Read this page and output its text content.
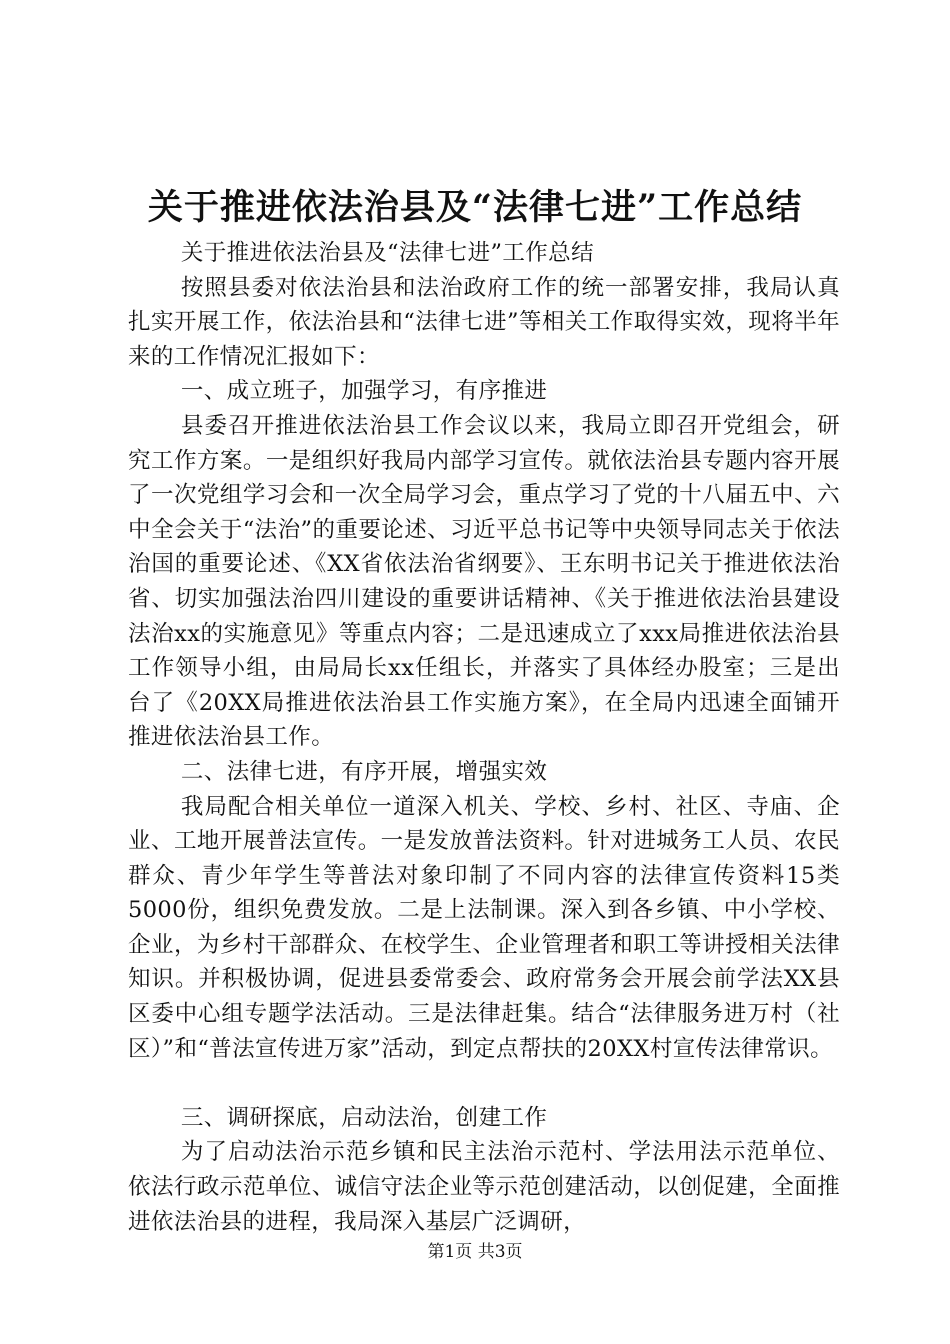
关于推进依法治县及“法律七进”工作总结

关于推进依法治县及“法律七进”工作总结

按照县委对依法治县和法治政府工作的统一部署安排，我局认真扎实开展工作，依法治县和“法律七进”等相关工作取得实效，现将半年来的工作情况汇报如下：

一、成立班子，加强学习，有序推进

县委召开推进依法治县工作会议以来，我局立即召开党组会，研究工作方案。一是组织好我局内部学习宣传。就依法治县专题内容开展了一次党组学习会和一次全局学习会，重点学习了党的十八届五中、六中全会关于“法治”的重要论述、习近平总书记等中央领导同志关于依法治国的重要论述、《XX省依法治省纲要》、王东明书记关于推进依法治省、切实加强法治四川建设的重要讲话精神、《关于推进依法治县建设法治xx的实施意见》等重点内容；二是迅速成立了xxx局推进依法治县工作领导小组，由局局长xx任组长，并落实了具体经办股室；三是出台了《20XX局推进依法治县工作实施方案》，在全局内迅速全面铺开推进依法治县工作。

二、法律七进，有序开展，增强实效

我局配合相关单位一道深入机关、学校、乡村、社区、寺庙、企业、工地开展普法宣传。一是发放普法资料。针对进城务工人员、农民群众、青少年学生等普法对象印制了不同内容的法律宣传资料15类5000份，组织免费发放。二是上法制课。深入到各乡镇、中小学校、企业，为乡村干部群众、在校学生、企业管理者和职工等讲授相关法律知识。并积极协调，促进县委常委会、政府常务会开展会前学法XX县区委中心组专题学法活动。三是法律赶集。结合“法律服务进万村（社区）”和“普法宣传进万家”活动，到定点帮扶的20XX村宣传法律常识。

三、调研探底，启动法治，创建工作

为了启动法治示范乡镇和民主法治示范村、学法用法示范单位、依法行政示范单位、诚信守法企业等示范创建活动，以创促建，全面推进依法治县的进程，我局深入基层广泛调研，

第1页 共3页
